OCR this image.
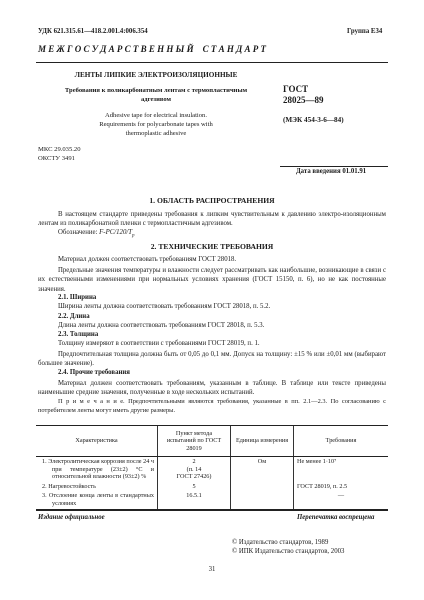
УДК 621.315.61—418.2.001.4:006.354	Группа Е34
М Е Ж Г О С У Д А Р С Т В Е Н Н Ы Й    С Т А Н Д А Р Т
ЛЕНТЫ ЛИПКИЕ ЭЛЕКТРОИЗОЛЯЦИОННЫЕ
Требования к поликарбонатным лентам с термопластичным
адгезивом
Adhesive tape for electrical insulation.
Requirements for polycarbonate tapes with
thermoplastic adhesive
ГОСТ
28025—89
(МЭК 454-3-6—84)
МКС 29.035.20
ОКСТУ 3491
Дата введения 01.01.91
1. ОБЛАСТЬ РАСПРОСТРАНЕНИЯ
В настоящем стандарте приведены требования к липким чувствительным к давлению электро-изоляционным лентам из поликарбонатной пленки с термопластичным адгезивом.
Обозначение: $F-PC/120/T_p$
2. ТЕХНИЧЕСКИЕ ТРЕБОВАНИЯ
Материал должен соответствовать требованиям ГОСТ 28018.
Предельные значения температуры и влажности следует рассматривать как наибольшие, возникающие в связи с их естественными изменениями при нормальных условиях хранения (ГОСТ 15150, п. 6), но не как постоянные значения.
2.1. Ширина
Ширина ленты должна соответствовать требованиям ГОСТ 28018, п. 5.2.
2.2. Длина
Длина ленты должна соответствовать требованиям ГОСТ 28018, п. 5.3.
2.3. Толщина
Толщину измеряют в соответствии с требованиями ГОСТ 28019, п. 1.
Предпочтительная толщина должна быть от 0,05 до 0,1 мм. Допуск на толщину: ±15 % или ±0,01 мм (выбирают большее значение).
2.4. Прочие требования
Материал должен соответствовать требованиям, указанным в таблице. В таблице или тексте приведены наименьшие средние значения, полученные в ходе нескольких испытаний.
П р и м е ч а н и е. Предпочтительными являются требования, указанные в пп. 2.1—2.3. По согласованию с потребителем ленты могут иметь другие размеры.
Характеристика	Пункт метода испытаний по ГОСТ 28019	Единица измерения	Требования
1. Электролитическая коррозия после 24 ч при температуре (23±2) °С и относительной влажности (93±2) %	2
(п. 14
ГОСТ 27426)	Ом	Не менее 1·10⁷
2. Нагревостойкость	5		ГОСТ 28019, п. 2.5
3. Отслоение конца ленты в стандартных условиях	16.5.1		—
Издание официальное	Перепечатка воспрещена
© Издательство стандартов, 1989
© ИПК Издательство стандартов, 2003
31
